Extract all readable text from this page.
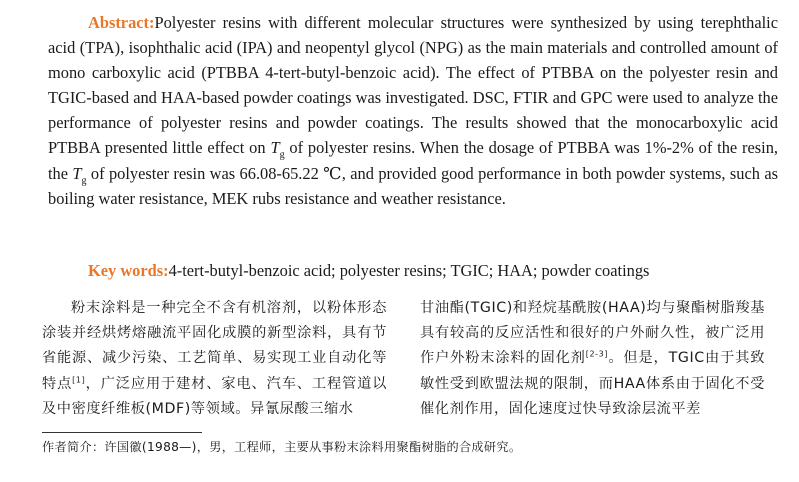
Abstract:Polyester resins with different molecular structures were synthesized by using terephthalic acid (TPA), isophthalic acid (IPA) and neopentyl glycol (NPG) as the main materials and controlled amount of mono carboxylic acid (PTBBA 4-tert-butyl-benzoic acid). The effect of PTBBA on the polyester resin and TGIC-based and HAA-based powder coatings was investigated. DSC, FTIR and GPC were used to analyze the performance of polyester resins and powder coatings. The results showed that the monocarboxylic acid PTBBA presented little effect on $T_g$ of polyester resins. When the dosage of PTBBA was 1%-2% of the resin, the $T_g$ of polyester resin was 66.08-65.22 ℃, and provided good performance in both powder systems, such as boiling water resistance, MEK rubs resistance and weather resistance.
Key words:4-tert-butyl-benzoic acid; polyester resins; TGIC; HAA; powder coatings
粉末涂料是一种完全不含有机溶剂，以粉体形态涂装并经烘烤熔融流平固化成膜的新型涂料，具有节省能源、减少污染、工艺简单、易实现工业自动化等特点[1]，广泛应用于建材、家电、汽车、工程管道以及中密度纤维板(MDF)等领域。异氰尿酸三缩水
甘油酯(TGIC)和羟烷基酰胺(HAA)均与聚酯树脂羧基具有较高的反应活性和很好的户外耐久性，被广泛用作户外粉末涂料的固化剂[2-3]。但是，TGIC由于其致敏性受到欧盟法规的限制，而HAA体系由于固化不受催化剂作用，固化速度过快导致涂层流平差
作者简介：许国徽(1988—)，男，工程师，主要从事粉末涂料用聚酯树脂的合成研究。
